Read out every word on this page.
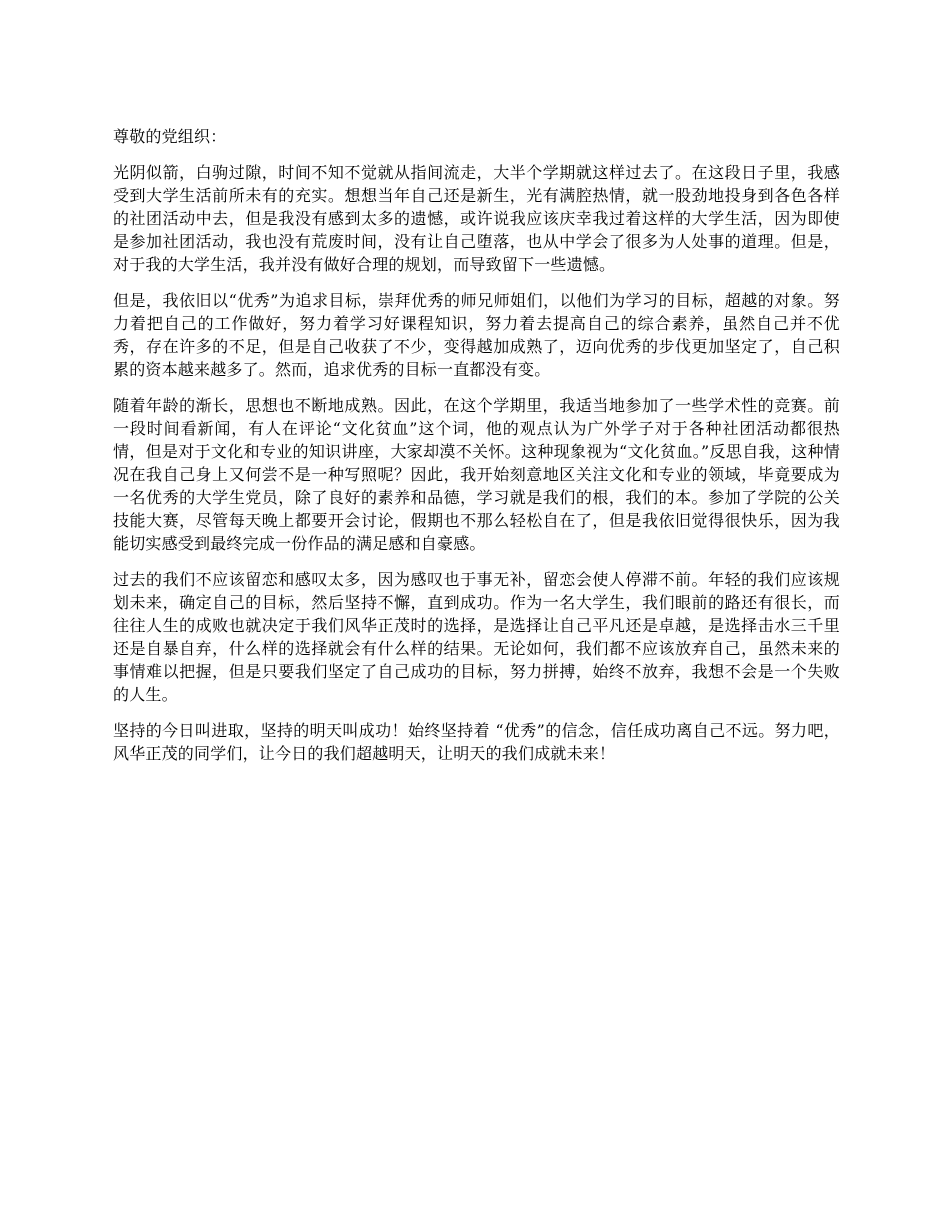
尊敬的党组织：

光阴似箭，白驹过隙，时间不知不觉就从指间流走，大半个学期就这样过去了。在这段日子里，我感受到大学生活前所未有的充实。想想当年自己还是新生，光有满腔热情，就一股劲地投身到各色各样的社团活动中去，但是我没有感到太多的遗憾，或许说我应该庆幸我过着这样的大学生活，因为即使是参加社团活动，我也没有荒废时间，没有让自己堕落，也从中学会了很多为人处事的道理。但是，对于我的大学生活，我并没有做好合理的规划，而导致留下一些遗憾。

但是，我依旧以“优秀”为追求目标，崇拜优秀的师兄师姐们，以他们为学习的目标，超越的对象。努力着把自己的工作做好，努力着学习好课程知识，努力着去提高自己的综合素养，虽然自己并不优秀，存在许多的不足，但是自己收获了不少，变得越加成熟了，迈向优秀的步伐更加坚定了，自己积累的资本越来越多了。然而，追求优秀的目标一直都没有变。

随着年龄的渐长，思想也不断地成熟。因此，在这个学期里，我适当地参加了一些学术性的竞赛。前一段时间看新闻，有人在评论“文化贫血”这个词，他的观点认为广外学子对于各种社团活动都很热情，但是对于文化和专业的知识讲座，大家却漠不关怀。这种现象视为“文化贫血。”反思自我，这种情况在我自己身上又何尝不是一种写照呢？因此，我开始刻意地区关注文化和专业的领域，毕竟要成为一名优秀的大学生党员，除了良好的素养和品德，学习就是我们的根，我们的本。参加了学院的公关技能大赛，尽管每天晚上都要开会讨论，假期也不那么轻松自在了，但是我依旧觉得很快乐，因为我能切实感受到最终完成一份作品的满足感和自豪感。

过去的我们不应该留恋和感叹太多，因为感叹也于事无补，留恋会使人停滞不前。年轻的我们应该规划未来，确定自己的目标，然后坚持不懈，直到成功。作为一名大学生，我们眼前的路还有很长，而往往人生的成败也就决定于我们风华正茂时的选择，是选择让自己平凡还是卓越，是选择击水三千里还是自暴自弃，什么样的选择就会有什么样的结果。无论如何，我们都不应该放弃自己，虽然未来的事情难以把握，但是只要我们坚定了自己成功的目标，努力拼搏，始终不放弃，我想不会是一个失败的人生。

坚持的今日叫进取，坚持的明天叫成功！始终坚持着 “优秀”的信念，信任成功离自己不远。努力吧，风华正茂的同学们，让今日的我们超越明天，让明天的我们成就未来！
